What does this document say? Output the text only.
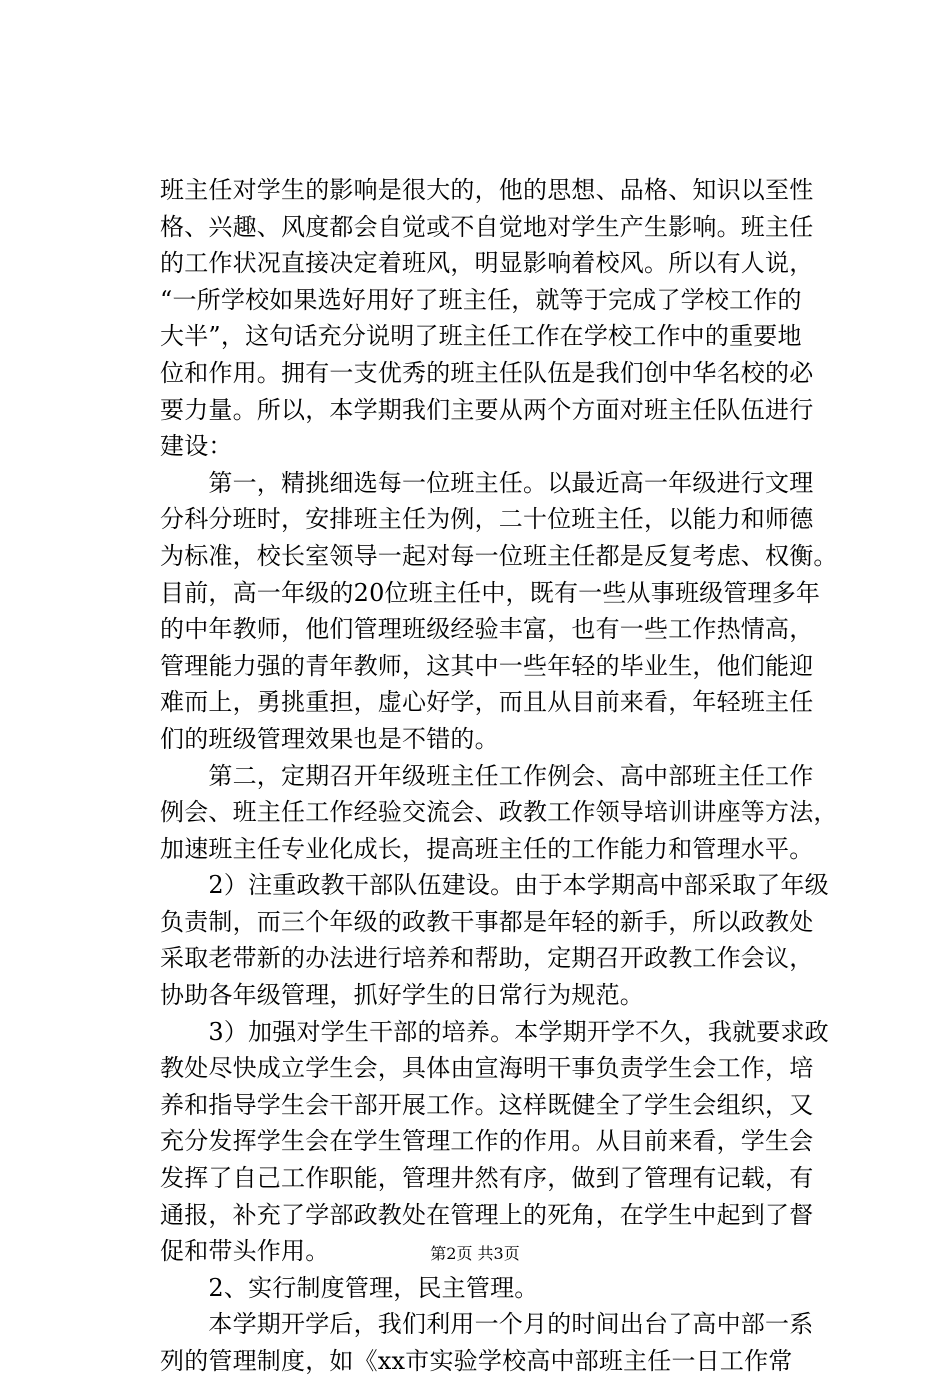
班主任对学生的影响是很大的，他的思想、品格、知识以至性
格、兴趣、风度都会自觉或不自觉地对学生产生影响。班主任
的工作状况直接决定着班风，明显影响着校风。所以有人说，
“一所学校如果选好用好了班主任，就等于完成了学校工作的
大半”，这句话充分说明了班主任工作在学校工作中的重要地
位和作用。拥有一支优秀的班主任队伍是我们创中华名校的必
要力量。所以，本学期我们主要从两个方面对班主任队伍进行
建设：
　　第一，精挑细选每一位班主任。以最近高一年级进行文理
分科分班时，安排班主任为例，二十位班主任，以能力和师德
为标准，校长室领导一起对每一位班主任都是反复考虑、权衡。
目前，高一年级的20位班主任中，既有一些从事班级管理多年
的中年教师，他们管理班级经验丰富，也有一些工作热情高，
管理能力强的青年教师，这其中一些年轻的毕业生，他们能迎
难而上，勇挑重担，虚心好学，而且从目前来看，年轻班主任
们的班级管理效果也是不错的。
　　第二，定期召开年级班主任工作例会、高中部班主任工作
例会、班主任工作经验交流会、政教工作领导培训讲座等方法，
加速班主任专业化成长，提高班主任的工作能力和管理水平。
　　2）注重政教干部队伍建设。由于本学期高中部采取了年级
负责制，而三个年级的政教干事都是年轻的新手，所以政教处
采取老带新的办法进行培养和帮助，定期召开政教工作会议，
协助各年级管理，抓好学生的日常行为规范。
　　3）加强对学生干部的培养。本学期开学不久，我就要求政
教处尽快成立学生会，具体由宣海明干事负责学生会工作，培
养和指导学生会干部开展工作。这样既健全了学生会组织，又
充分发挥学生会在学生管理工作的作用。从目前来看，学生会
发挥了自己工作职能，管理井然有序，做到了管理有记载，有
通报，补充了学部政教处在管理上的死角，在学生中起到了督
促和带头作用。
　　2、实行制度管理，民主管理。
　　本学期开学后，我们利用一个月的时间出台了高中部一系
列的管理制度，如《xx市实验学校高中部班主任一日工作常
第2页 共3页
